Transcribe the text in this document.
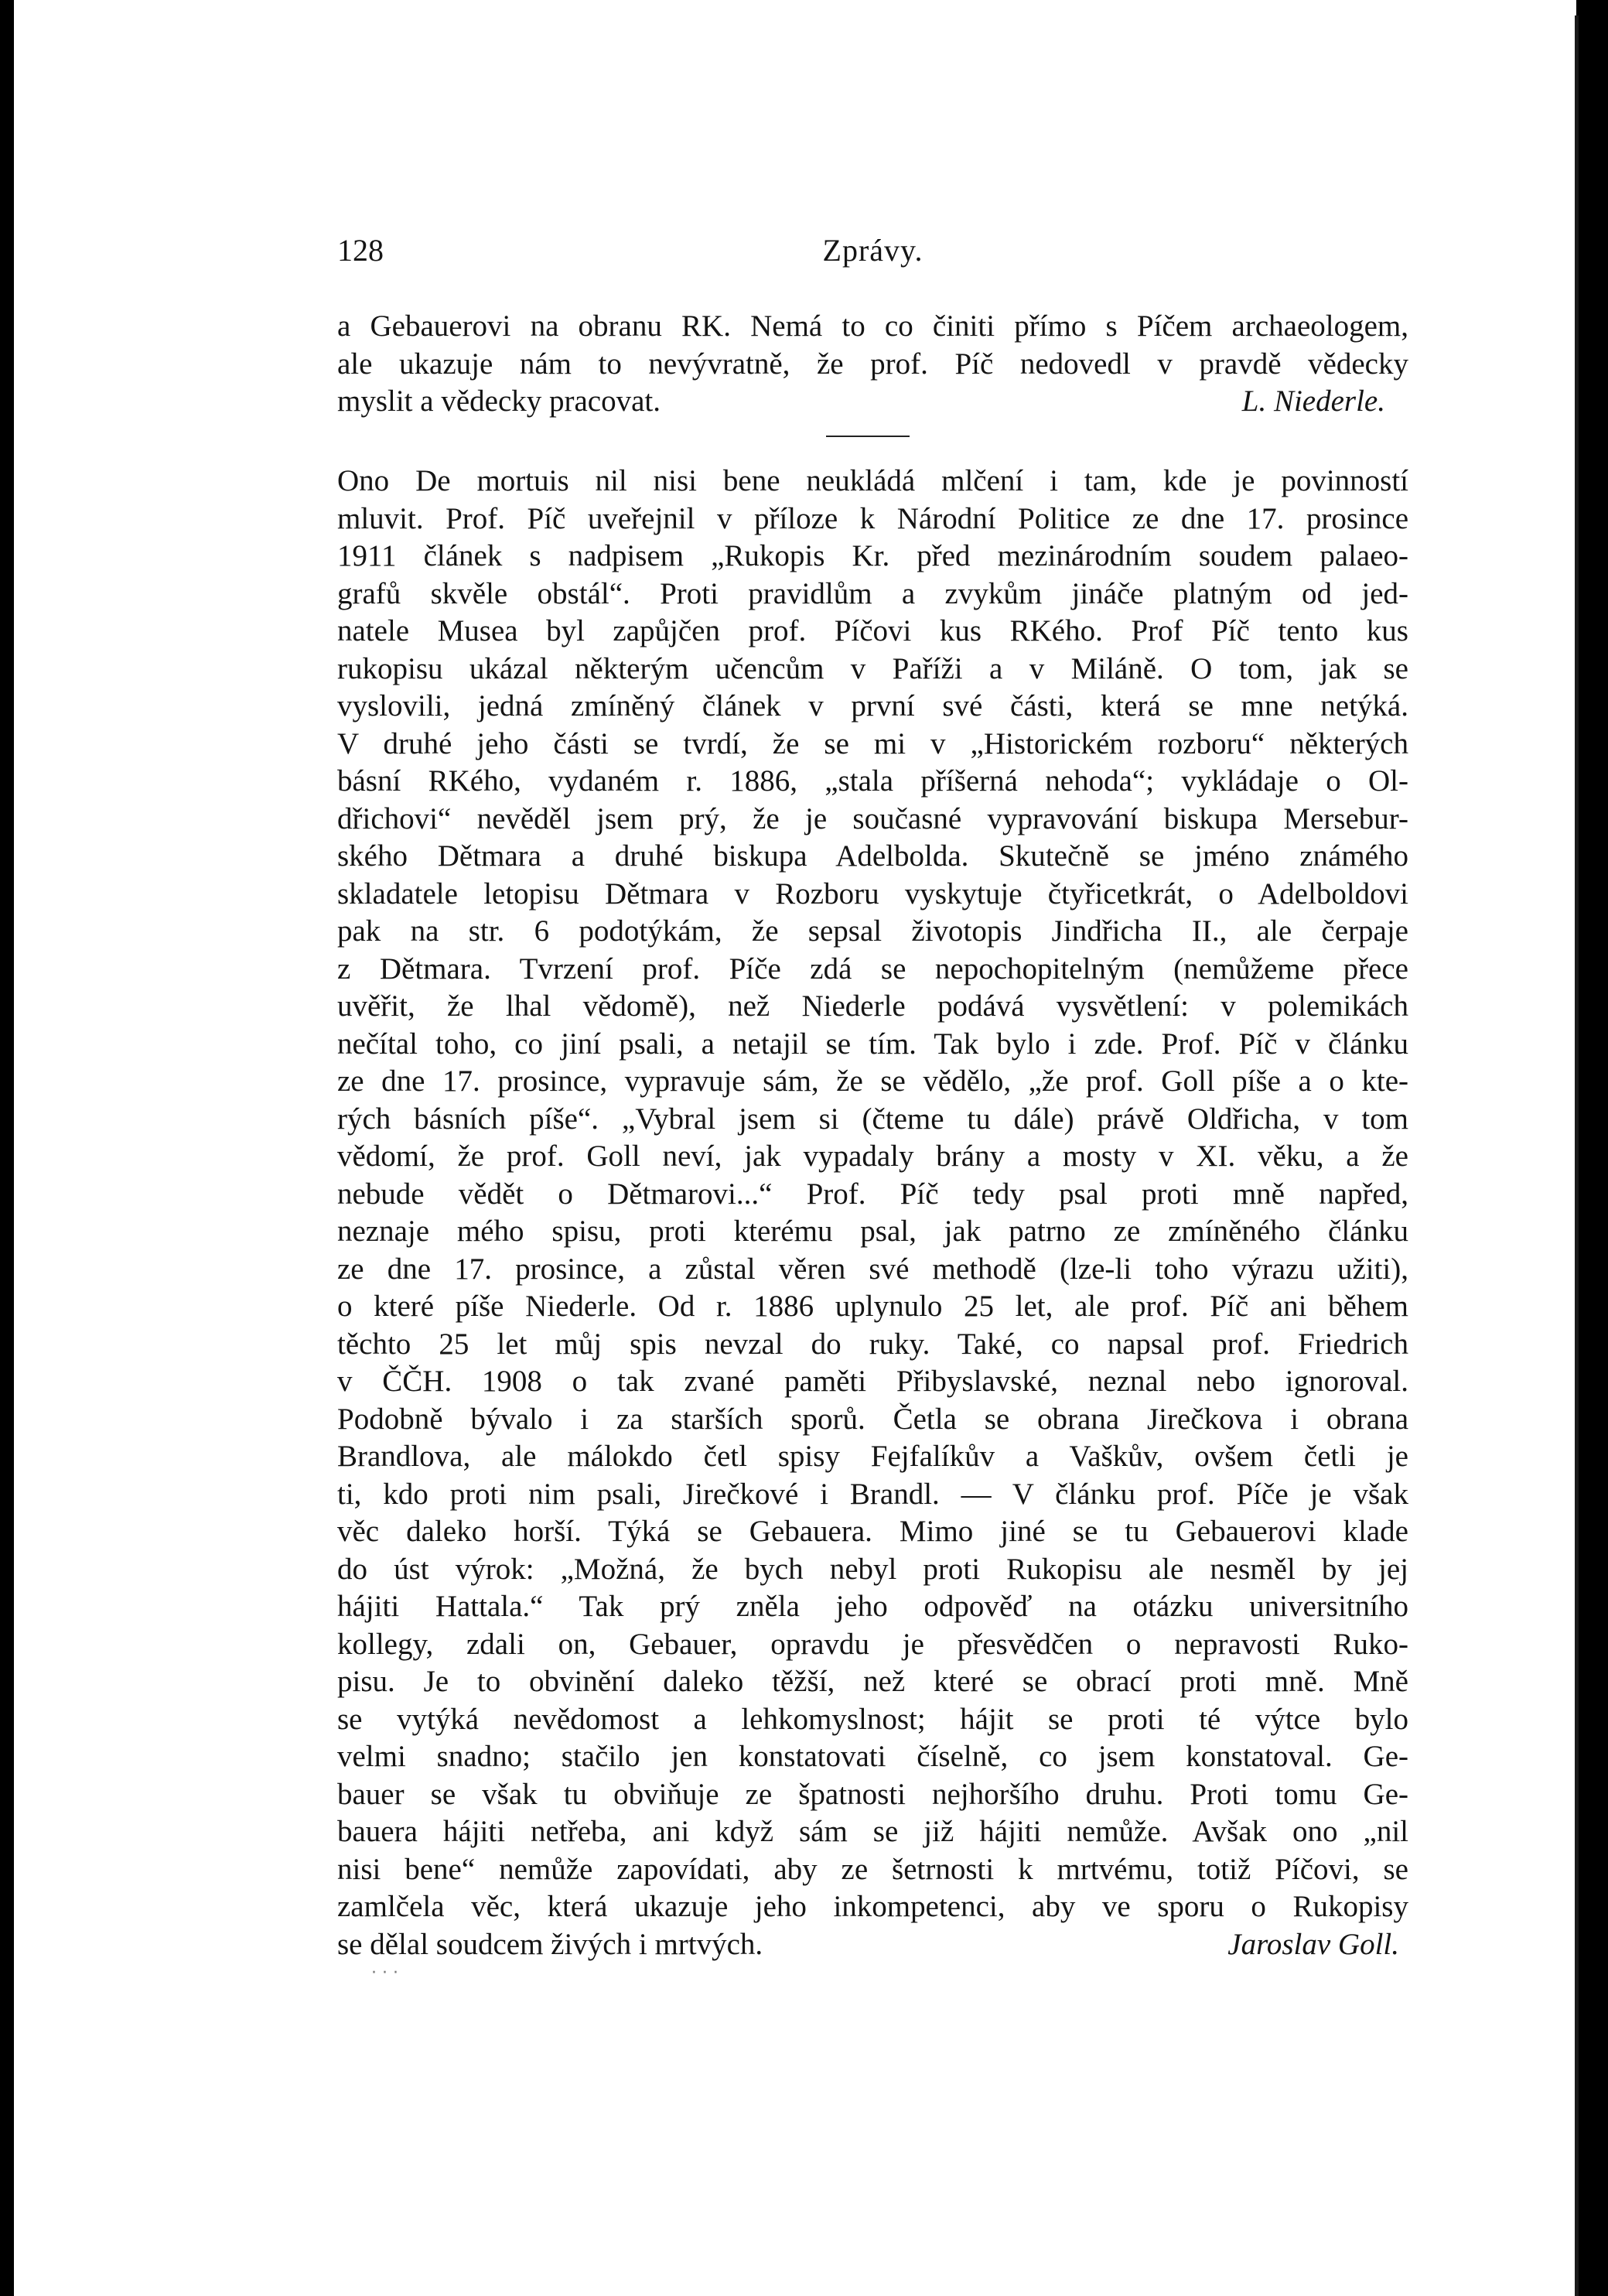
128	Zprávy.
a Gebauerovi na obranu RK. Nemá to co činiti přímo s Píčem archaeologem,
ale ukazuje nám to nevývratně, že prof. Píč nedovedl v pravdě vědecky
myslit a vědecky pracovat.	L. Niederle.
Ono De mortuis nil nisi bene neukládá mlčení i tam, kde je povinností
mluvit. Prof. Píč uveřejnil v příloze k Národní Politice ze dne 17. prosince
1911 článek s nadpisem „Rukopis Kr. před mezinárodním soudem palaeo-
grafů skvěle obstál“. Proti pravidlům a zvykům jináče platným od jed-
natele Musea byl zapůjčen prof. Píčovi kus RKého. Prof Píč tento kus
rukopisu ukázal některým učencům v Paříži a v Miláně. O tom, jak se
vyslovili, jedná zmíněný článek v první své části, která se mne netýká.
V druhé jeho části se tvrdí, že se mi v „Historickém rozboru“ některých
básní RKého, vydaném r. 1886, „stala příšerná nehoda“; vykládaje o Ol-
dřichovi“ nevěděl jsem prý, že je současné vypravování biskupa Mersebur-
ského Dětmara a druhé biskupa Adelbolda. Skutečně se jméno známého
skladatele letopisu Dětmara v Rozboru vyskytuje čtyřicetkrát, o Adelboldovi
pak na str. 6 podotýkám, že sepsal životopis Jindřicha II., ale čerpaje
z Dětmara. Tvrzení prof. Píče zdá se nepochopitelným (nemůžeme přece
uvěřit, že lhal vědomě), než Niederle podává vysvětlení: v polemikách
nečítal toho, co jiní psali, a netajil se tím. Tak bylo i zde. Prof. Píč v článku
ze dne 17. prosince, vypravuje sám, že se vědělo, „že prof. Goll píše a o kte-
rých básních píše“. „Vybral jsem si (čteme tu dále) právě Oldřicha, v tom
vědomí, že prof. Goll neví, jak vypadaly brány a mosty v XI. věku, a že
nebude vědět o Dětmarovi...“ Prof. Píč tedy psal proti mně napřed,
neznaje mého spisu, proti kterému psal, jak patrno ze zmíněného článku
ze dne 17. prosince, a zůstal věren své methodě (lze-li toho výrazu užiti),
o které píše Niederle. Od r. 1886 uplynulo 25 let, ale prof. Píč ani během
těchto 25 let můj spis nevzal do ruky. Také, co napsal prof. Friedrich
v ČČH. 1908 o tak zvané paměti Přibyslavské, neznal nebo ignoroval.
Podobně bývalo i za starších sporů. Četla se obrana Jirečkova i obrana
Brandlova, ale málokdo četl spisy Fejfalíkův a Vaškův, ovšem četli je
ti, kdo proti nim psali, Jirečkové i Brandl. — V článku prof. Píče je však
věc daleko horší. Týká se Gebauera. Mimo jiné se tu Gebauerovi klade
do úst výrok: „Možná, že bych nebyl proti Rukopisu ale nesměl by jej
hájiti Hattala.“ Tak prý zněla jeho odpověď na otázku universitního
kollegy, zdali on, Gebauer, opravdu je přesvědčen o nepravosti Ruko-
pisu. Je to obvinění daleko těžší, než které se obrací proti mně. Mně
se vytýká nevědomost a lehkomyslnost; hájit se proti té výtce bylo
velmi snadno; stačilo jen konstatovati číselně, co jsem konstatoval. Ge-
bauer se však tu obviňuje ze špatnosti nejhoršího druhu. Proti tomu Ge-
bauera hájiti netřeba, ani když sám se již hájiti nemůže. Avšak ono „nil
nisi bene“ nemůže zapovídati, aby ze šetrnosti k mrtvému, totiž Píčovi, se
zamlčela věc, která ukazuje jeho inkompetenci, aby ve sporu o Rukopisy
se dělal soudcem živých i mrtvých.	Jaroslav Goll.
· · ·
